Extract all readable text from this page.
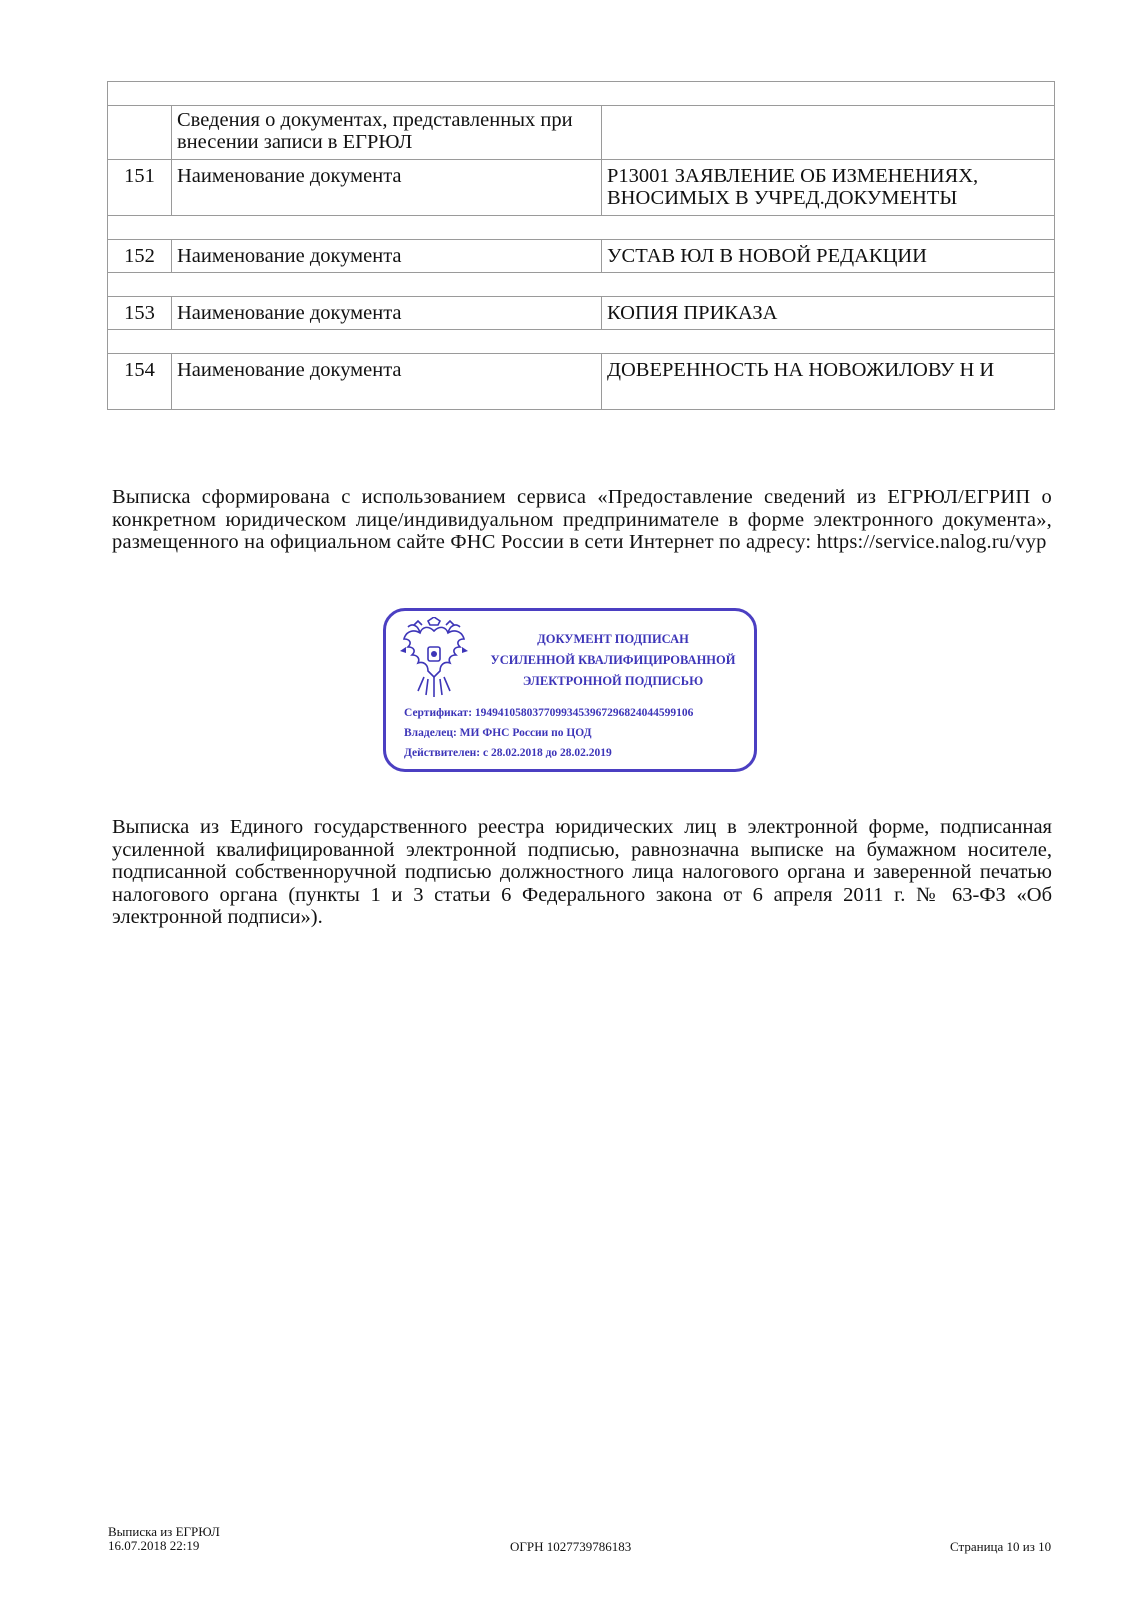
	Сведения о документах, представленных при внесении записи в ЕГРЮЛ	
151	Наименование документа	Р13001 ЗАЯВЛЕНИЕ ОБ ИЗМЕНЕНИЯХ, ВНОСИМЫХ В УЧРЕД.ДОКУМЕНТЫ

152	Наименование документа	УСТАВ ЮЛ В НОВОЙ РЕДАКЦИИ

153	Наименование документа	КОПИЯ ПРИКАЗА

154	Наименование документа	ДОВЕРЕННОСТЬ НА НОВОЖИЛОВУ Н И
Выписка сформирована с использованием сервиса «Предоставление сведений из ЕГРЮЛ/ЕГРИП о конкретном юридическом лице/индивидуальном предпринимателе в форме электронного документа», размещенного на официальном сайте ФНС России в сети Интернет по адресу: https://service.nalog.ru/vyp
ДОКУМЕНТ ПОДПИСАН
УСИЛЕННОЙ КВАЛИФИЦИРОВАННОЙ
ЭЛЕКТРОННОЙ ПОДПИСЬЮ
Сертификат: 194941058037709934539672968240445991​06
Владелец: МИ ФНС России по ЦОД
Действителен: с 28.02.2018 до 28.02.2019
Выписка из Единого государственного реестра юридических лиц в электронной форме, подписанная усиленной квалифицированной электронной подписью, равнозначна выписке на бумажном носителе, подписанной собственноручной подписью должностного лица налогового органа и заверенной печатью налогового органа (пункты 1 и 3 статьи 6 Федерального закона от 6 апреля 2011 г. № 63-ФЗ «Об электронной подписи»).
Выписка из ЕГРЮЛ
16.07.2018 22:19	ОГРН 1027739786183	Страница 10 из 10
